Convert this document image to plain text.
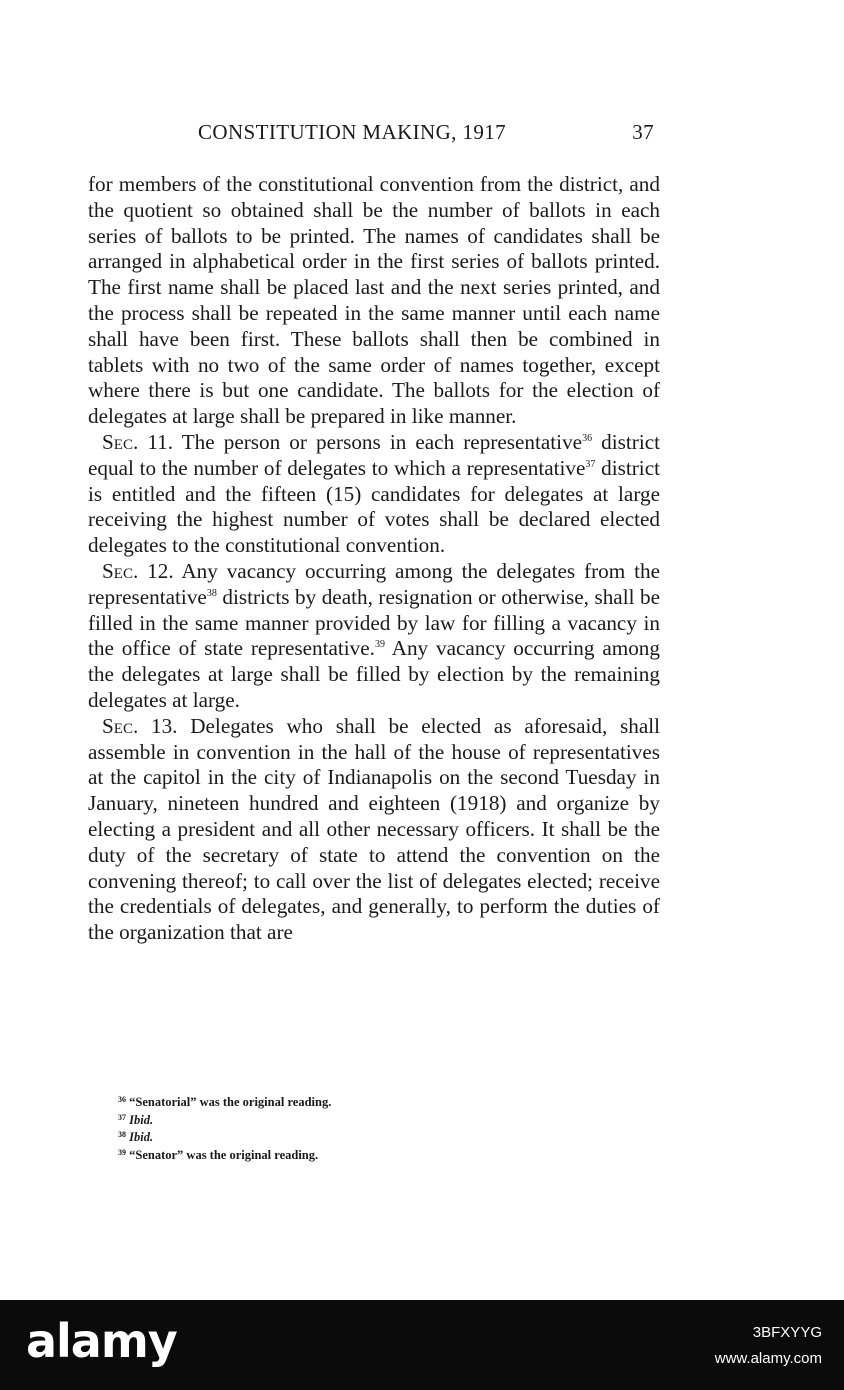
CONSTITUTION MAKING, 1917	37

for members of the constitutional convention from the district, and the quotient so obtained shall be the number of ballots in each series of ballots to be printed. The names of candidates shall be arranged in alphabetical order in the first series of ballots printed. The first name shall be placed last and the next series printed, and the process shall be repeated in the same manner until each name shall have been first. These ballots shall then be combined in tablets with no two of the same order of names together, except where there is but one candidate. The ballots for the election of delegates at large shall be prepared in like manner.

Sec. 11. The person or persons in each representative$^{36}$ district equal to the number of delegates to which a representative$^{37}$ district is entitled and the fifteen (15) candidates for delegates at large receiving the highest number of votes shall be declared elected delegates to the constitutional convention.

Sec. 12. Any vacancy occurring among the delegates from the representative$^{38}$ districts by death, resignation or otherwise, shall be filled in the same manner provided by law for filling a vacancy in the office of state representative.$^{39}$ Any vacancy occurring among the delegates at large shall be filled by election by the remaining delegates at large.

Sec. 13. Delegates who shall be elected as aforesaid, shall assemble in convention in the hall of the house of representatives at the capitol in the city of Indianapolis on the second Tuesday in January, nineteen hundred and eighteen (1918) and organize by electing a president and all other necessary officers. It shall be the duty of the secretary of state to attend the convention on the convening thereof; to call over the list of delegates elected; receive the credentials of delegates, and generally, to perform the duties of the organization that are

$^{36}$ “Senatorial” was the original reading.
$^{37}$ Ibid.
$^{38}$ Ibid.
$^{39}$ “Senator” was the original reading.
alamy	3BFXYYG
www.alamy.com
